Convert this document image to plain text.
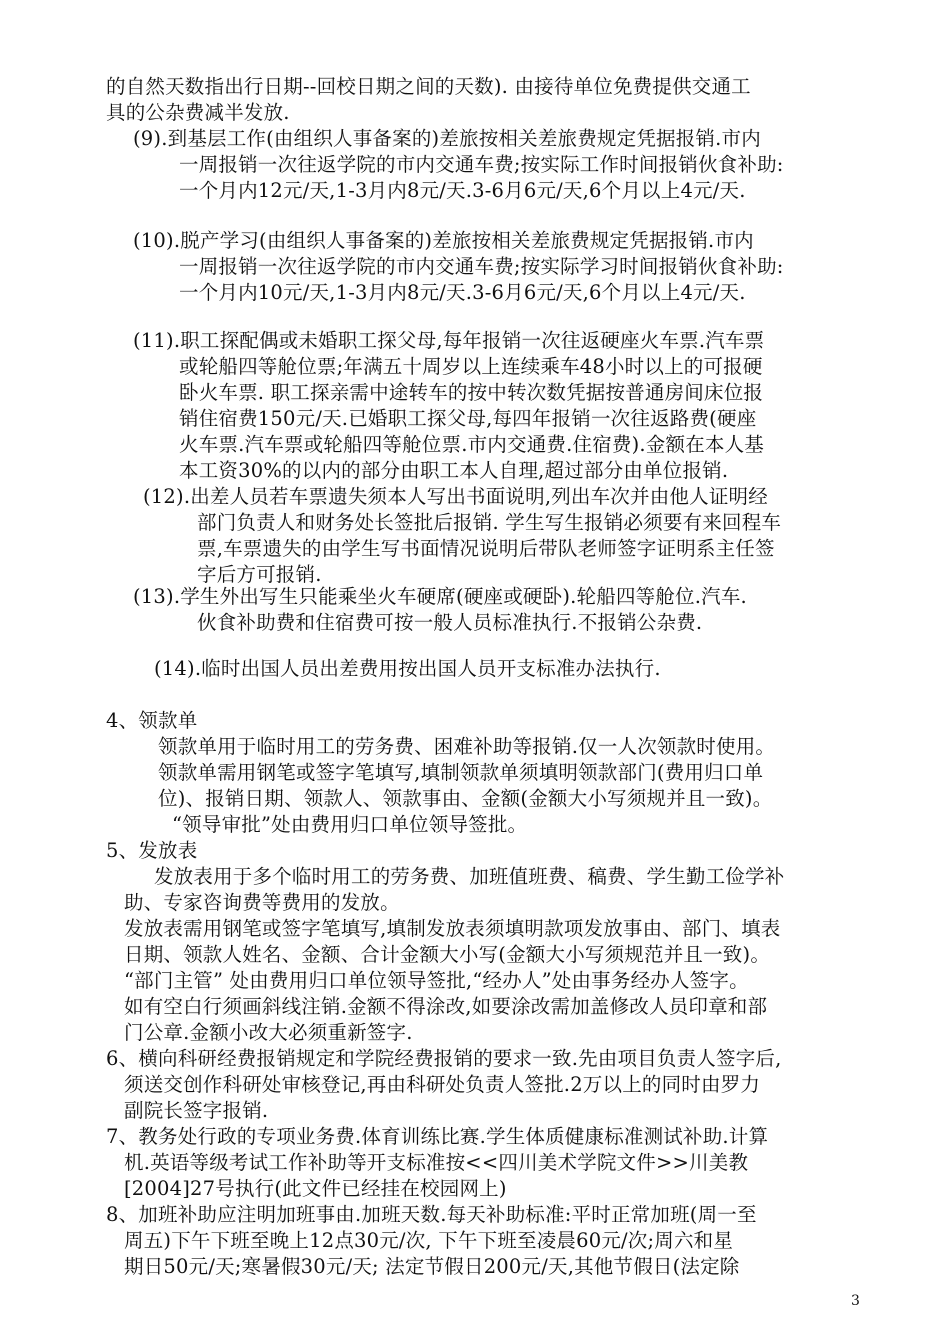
的自然天数指出行日期--回校日期之间的天数). 由接待单位免费提供交通工
具的公杂费减半发放.
(9).到基层工作(由组织人事备案的)差旅按相关差旅费规定凭据报销.市内
一周报销一次往返学院的市内交通车费;按实际工作时间报销伙食补助:
一个月内12元/天,1-3月内8元/天.3-6月6元/天,6个月以上4元/天.
(10).脱产学习(由组织人事备案的)差旅按相关差旅费规定凭据报销.市内
一周报销一次往返学院的市内交通车费;按实际学习时间报销伙食补助:
一个月内10元/天,1-3月内8元/天.3-6月6元/天,6个月以上4元/天.
(11).职工探配偶或未婚职工探父母,每年报销一次往返硬座火车票.汽车票
或轮船四等舱位票;年满五十周岁以上连续乘车48小时以上的可报硬
卧火车票. 职工探亲需中途转车的按中转次数凭据按普通房间床位报
销住宿费150元/天.已婚职工探父母,每四年报销一次往返路费(硬座
火车票.汽车票或轮船四等舱位票.市内交通费.住宿费).金额在本人基
本工资30%的以内的部分由职工本人自理,超过部分由单位报销.
(12).出差人员若车票遗失须本人写出书面说明,列出车次并由他人证明经
部门负责人和财务处长签批后报销. 学生写生报销必须要有来回程车
票,车票遗失的由学生写书面情况说明后带队老师签字证明系主任签
字后方可报销.
(13).学生外出写生只能乘坐火车硬席(硬座或硬卧).轮船四等舱位.汽车.
伙食补助费和住宿费可按一般人员标准执行.不报销公杂费.
(14).临时出国人员出差费用按出国人员开支标准办法执行.
4、领款单
领款单用于临时用工的劳务费、困难补助等报销.仅一人次领款时使用。
领款单需用钢笔或签字笔填写,填制领款单须填明领款部门(费用归口单
位)、报销日期、领款人、领款事由、金额(金额大小写须规并且一致)。
“领导审批”处由费用归口单位领导签批。
5、发放表
发放表用于多个临时用工的劳务费、加班值班费、稿费、学生勤工俭学补
助、专家咨询费等费用的发放。
发放表需用钢笔或签字笔填写,填制发放表须填明款项发放事由、部门、填表
日期、领款人姓名、金额、合计金额大小写(金额大小写须规范并且一致)。
“部门主管” 处由费用归口单位领导签批,“经办人”处由事务经办人签字。
如有空白行须画斜线注销.金额不得涂改,如要涂改需加盖修改人员印章和部
门公章.金额小改大必须重新签字.
6、横向科研经费报销规定和学院经费报销的要求一致.先由项目负责人签字后,
须送交创作科研处审核登记,再由科研处负责人签批.2万以上的同时由罗力
副院长签字报销.
7、教务处行政的专项业务费.体育训练比赛.学生体质健康标准测试补助.计算
机.英语等级考试工作补助等开支标准按<<四川美术学院文件>>川美教
[2004]27号执行(此文件已经挂在校园网上)
8、加班补助应注明加班事由.加班天数.每天补助标准:平时正常加班(周一至
周五)下午下班至晚上12点30元/次, 下午下班至凌晨60元/次;周六和星
期日50元/天;寒暑假30元/天; 法定节假日200元/天,其他节假日(法定除
3
